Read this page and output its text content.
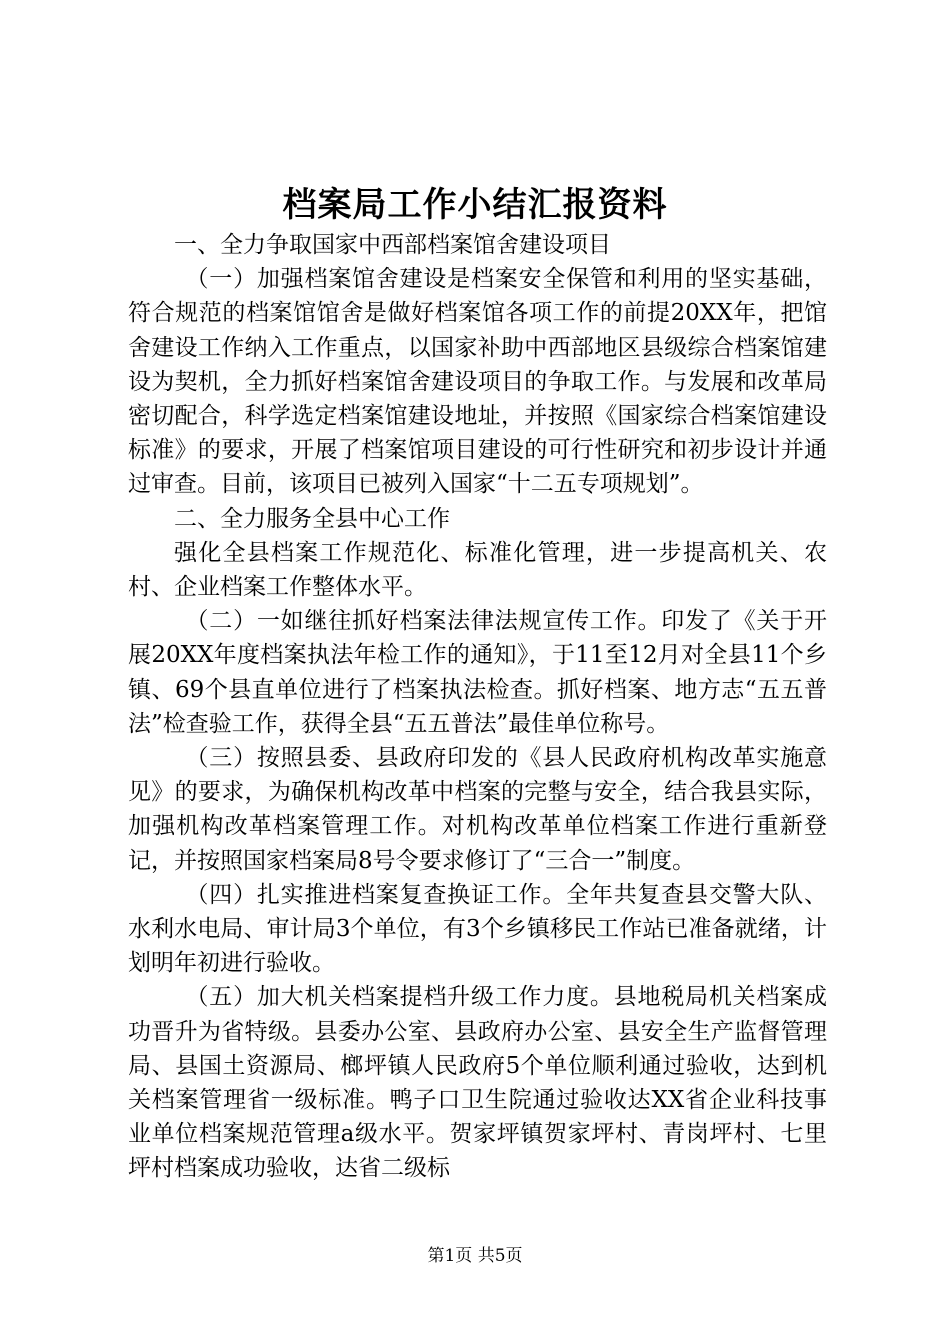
档案局工作小结汇报资料

一、全力争取国家中西部档案馆舍建设项目

（一）加强档案馆舍建设是档案安全保管和利用的坚实基础，符合规范的档案馆馆舍是做好档案馆各项工作的前提20XX年，把馆舍建设工作纳入工作重点，以国家补助中西部地区县级综合档案馆建设为契机，全力抓好档案馆舍建设项目的争取工作。与发展和改革局密切配合，科学选定档案馆建设地址，并按照《国家综合档案馆建设标准》的要求，开展了档案馆项目建设的可行性研究和初步设计并通过审查。目前，该项目已被列入国家“十二五专项规划”。

二、全力服务全县中心工作

强化全县档案工作规范化、标准化管理，进一步提高机关、农村、企业档案工作整体水平。

（二）一如继往抓好档案法律法规宣传工作。印发了《关于开展20XX年度档案执法年检工作的通知》，于11至12月对全县11个乡镇、69个县直单位进行了档案执法检查。抓好档案、地方志“五五普法”检查验工作，获得全县“五五普法”最佳单位称号。

（三）按照县委、县政府印发的《县人民政府机构改革实施意见》的要求，为确保机构改革中档案的完整与安全，结合我县实际，加强机构改革档案管理工作。对机构改革单位档案工作进行重新登记，并按照国家档案局8号令要求修订了“三合一”制度。

（四）扎实推进档案复查换证工作。全年共复查县交警大队、水利水电局、审计局3个单位，有3个乡镇移民工作站已准备就绪，计划明年初进行验收。

（五）加大机关档案提档升级工作力度。县地税局机关档案成功晋升为省特级。县委办公室、县政府办公室、县安全生产监督管理局、县国土资源局、榔坪镇人民政府5个单位顺利通过验收，达到机关档案管理省一级标准。鸭子口卫生院通过验收达XX省企业科技事业单位档案规范管理a级水平。贺家坪镇贺家坪村、青岗坪村、七里坪村档案成功验收，达省二级标

第1页 共5页
